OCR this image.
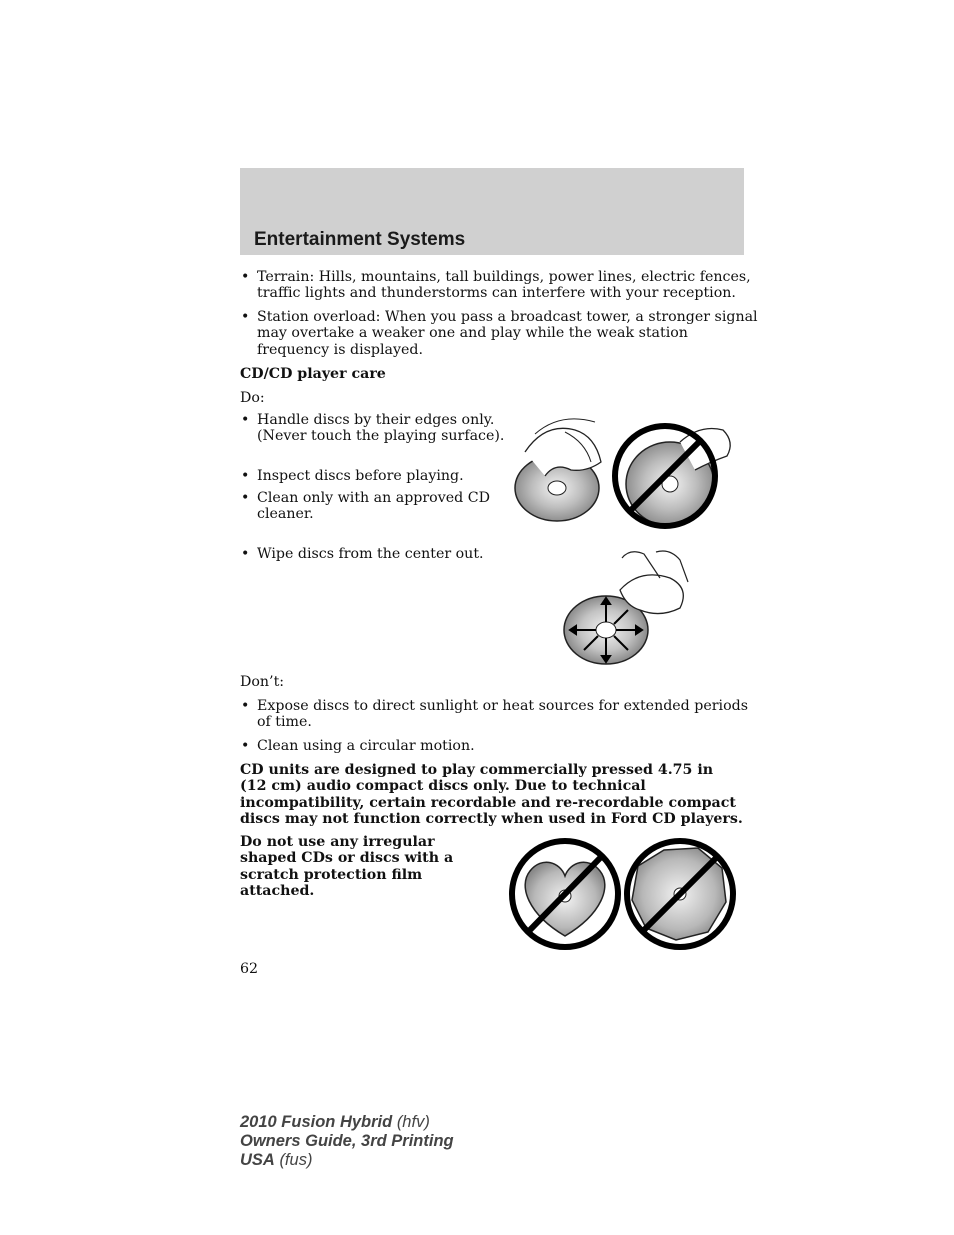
Entertainment Systems
• Terrain: Hills, mountains, tall buildings, power lines, electric fences, traffic lights and thunderstorms can interfere with your reception.
• Station overload: When you pass a broadcast tower, a stronger signal may overtake a weaker one and play while the weak station frequency is displayed.
CD/CD player care
Do:
• Handle discs by their edges only. (Never touch the playing surface).
• Inspect discs before playing.
• Clean only with an approved CD cleaner.
• Wipe discs from the center out.
Don’t:
• Expose discs to direct sunlight or heat sources for extended periods of time.
• Clean using a circular motion.
CD units are designed to play commercially pressed 4.75 in (12 cm) audio compact discs only. Due to technical incompatibility, certain recordable and re-recordable compact discs may not function correctly when used in Ford CD players.
Do not use any irregular shaped CDs or discs with a scratch protection film attached.
62
2010 Fusion Hybrid (hfv)
Owners Guide, 3rd Printing
USA (fus)
